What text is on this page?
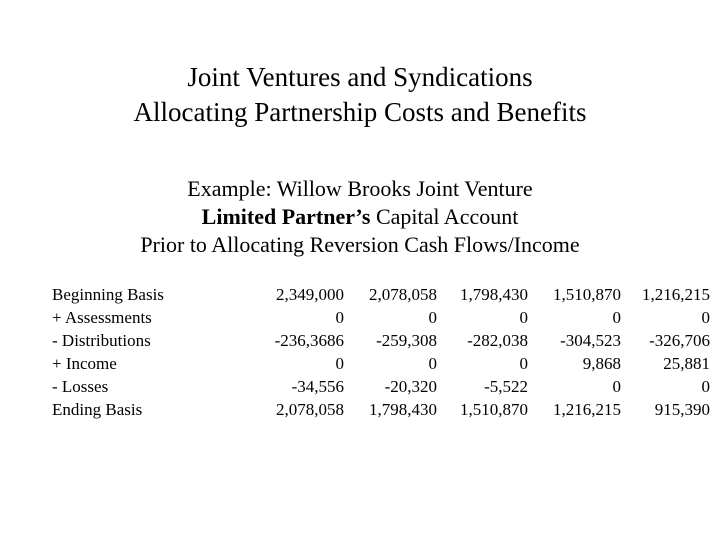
Joint Ventures and Syndications
Allocating Partnership Costs and Benefits
Example: Willow Brooks Joint Venture
Limited Partner’s Capital Account
Prior to Allocating Reversion Cash Flows/Income
Beginning Basis	2,349,000	2,078,058	1,798,430	1,510,870	1,216,215
+ Assessments	0	0	0	0	0
- Distributions	-236,3686	-259,308	-282,038	-304,523	-326,706
+ Income	0	0	0	9,868	25,881
- Losses	-34,556	-20,320	-5,522	0	0
Ending Basis	2,078,058	1,798,430	1,510,870	1,216,215	915,390
